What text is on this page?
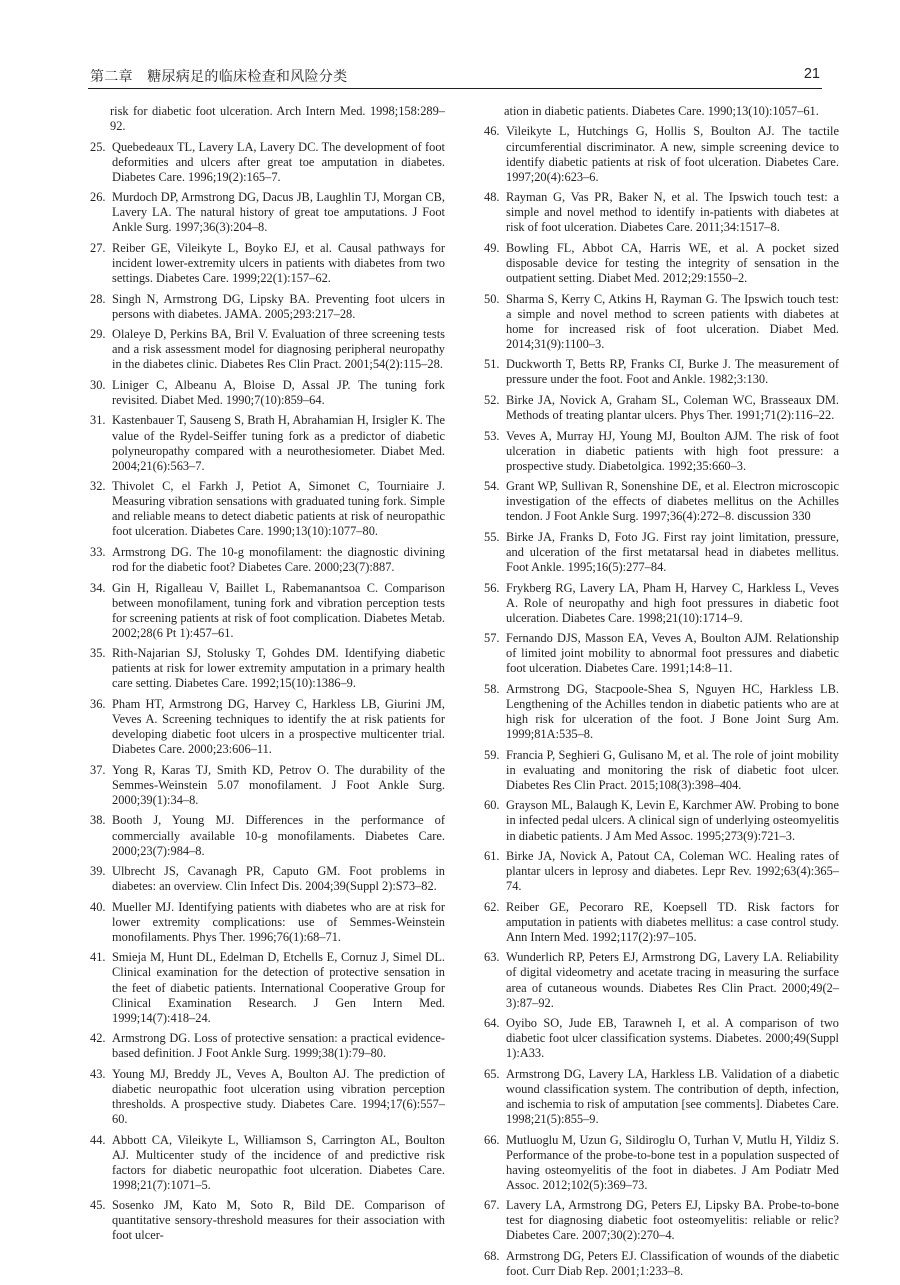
第二章　糖尿病足的临床检查和风险分类	21
risk for diabetic foot ulceration. Arch Intern Med. 1998;158:289–92.
25. Quebedeaux TL, Lavery LA, Lavery DC. The development of foot deformities and ulcers after great toe amputation in diabetes. Diabetes Care. 1996;19(2):165–7.
26. Murdoch DP, Armstrong DG, Dacus JB, Laughlin TJ, Morgan CB, Lavery LA. The natural history of great toe amputations. J Foot Ankle Surg. 1997;36(3):204–8.
27. Reiber GE, Vileikyte L, Boyko EJ, et al. Causal pathways for incident lower-extremity ulcers in patients with diabetes from two settings. Diabetes Care. 1999;22(1):157–62.
28. Singh N, Armstrong DG, Lipsky BA. Preventing foot ulcers in persons with diabetes. JAMA. 2005;293:217–28.
29. Olaleye D, Perkins BA, Bril V. Evaluation of three screening tests and a risk assessment model for diagnosing peripheral neuropathy in the diabetes clinic. Diabetes Res Clin Pract. 2001;54(2):115–28.
30. Liniger C, Albeanu A, Bloise D, Assal JP. The tuning fork revisited. Diabet Med. 1990;7(10):859–64.
31. Kastenbauer T, Sauseng S, Brath H, Abrahamian H, Irsigler K. The value of the Rydel-Seiffer tuning fork as a predictor of diabetic polyneuropathy compared with a neurothesiometer. Diabet Med. 2004;21(6):563–7.
32. Thivolet C, el Farkh J, Petiot A, Simonet C, Tourniaire J. Measuring vibration sensations with graduated tuning fork. Simple and reliable means to detect diabetic patients at risk of neuropathic foot ulceration. Diabetes Care. 1990;13(10):1077–80.
33. Armstrong DG. The 10-g monofilament: the diagnostic divining rod for the diabetic foot? Diabetes Care. 2000;23(7):887.
34. Gin H, Rigalleau V, Baillet L, Rabemanantsoa C. Comparison between monofilament, tuning fork and vibration perception tests for screening patients at risk of foot complication. Diabetes Metab. 2002;28(6 Pt 1):457–61.
35. Rith-Najarian SJ, Stolusky T, Gohdes DM. Identifying diabetic patients at risk for lower extremity amputation in a primary health care setting. Diabetes Care. 1992;15(10):1386–9.
36. Pham HT, Armstrong DG, Harvey C, Harkless LB, Giurini JM, Veves A. Screening techniques to identify the at risk patients for developing diabetic foot ulcers in a prospective multicenter trial. Diabetes Care. 2000;23:606–11.
37. Yong R, Karas TJ, Smith KD, Petrov O. The durability of the Semmes-Weinstein 5.07 monofilament. J Foot Ankle Surg. 2000;39(1):34–8.
38. Booth J, Young MJ. Differences in the performance of commercially available 10-g monofilaments. Diabetes Care. 2000;23(7):984–8.
39. Ulbrecht JS, Cavanagh PR, Caputo GM. Foot problems in diabetes: an overview. Clin Infect Dis. 2004;39(Suppl 2):S73–82.
40. Mueller MJ. Identifying patients with diabetes who are at risk for lower extremity complications: use of Semmes-Weinstein monofilaments. Phys Ther. 1996;76(1):68–71.
41. Smieja M, Hunt DL, Edelman D, Etchells E, Cornuz J, Simel DL. Clinical examination for the detection of protective sensation in the feet of diabetic patients. International Cooperative Group for Clinical Examination Research. J Gen Intern Med. 1999;14(7):418–24.
42. Armstrong DG. Loss of protective sensation: a practical evidence-based definition. J Foot Ankle Surg. 1999;38(1):79–80.
43. Young MJ, Breddy JL, Veves A, Boulton AJ. The prediction of diabetic neuropathic foot ulceration using vibration perception thresholds. A prospective study. Diabetes Care. 1994;17(6):557–60.
44. Abbott CA, Vileikyte L, Williamson S, Carrington AL, Boulton AJ. Multicenter study of the incidence of and predictive risk factors for diabetic neuropathic foot ulceration. Diabetes Care. 1998;21(7):1071–5.
45. Sosenko JM, Kato M, Soto R, Bild DE. Comparison of quantitative sensory-threshold measures for their association with foot ulcer-
ation in diabetic patients. Diabetes Care. 1990;13(10):1057–61.
46. Vileikyte L, Hutchings G, Hollis S, Boulton AJ. The tactile circumferential discriminator. A new, simple screening device to identify diabetic patients at risk of foot ulceration. Diabetes Care. 1997;20(4):623–6.
48. Rayman G, Vas PR, Baker N, et al. The Ipswich touch test: a simple and novel method to identify in-patients with diabetes at risk of foot ulceration. Diabetes Care. 2011;34:1517–8.
49. Bowling FL, Abbot CA, Harris WE, et al. A pocket sized disposable device for testing the integrity of sensation in the outpatient setting. Diabet Med. 2012;29:1550–2.
50. Sharma S, Kerry C, Atkins H, Rayman G. The Ipswich touch test: a simple and novel method to screen patients with diabetes at home for increased risk of foot ulceration. Diabet Med. 2014;31(9):1100–3.
51. Duckworth T, Betts RP, Franks CI, Burke J. The measurement of pressure under the foot. Foot and Ankle. 1982;3:130.
52. Birke JA, Novick A, Graham SL, Coleman WC, Brasseaux DM. Methods of treating plantar ulcers. Phys Ther. 1991;71(2):116–22.
53. Veves A, Murray HJ, Young MJ, Boulton AJM. The risk of foot ulceration in diabetic patients with high foot pressure: a prospective study. Diabetolgica. 1992;35:660–3.
54. Grant WP, Sullivan R, Sonenshine DE, et al. Electron microscopic investigation of the effects of diabetes mellitus on the Achilles tendon. J Foot Ankle Surg. 1997;36(4):272–8. discussion 330
55. Birke JA, Franks D, Foto JG. First ray joint limitation, pressure, and ulceration of the first metatarsal head in diabetes mellitus. Foot Ankle. 1995;16(5):277–84.
56. Frykberg RG, Lavery LA, Pham H, Harvey C, Harkless L, Veves A. Role of neuropathy and high foot pressures in diabetic foot ulceration. Diabetes Care. 1998;21(10):1714–9.
57. Fernando DJS, Masson EA, Veves A, Boulton AJM. Relationship of limited joint mobility to abnormal foot pressures and diabetic foot ulceration. Diabetes Care. 1991;14:8–11.
58. Armstrong DG, Stacpoole-Shea S, Nguyen HC, Harkless LB. Lengthening of the Achilles tendon in diabetic patients who are at high risk for ulceration of the foot. J Bone Joint Surg Am. 1999;81A:535–8.
59. Francia P, Seghieri G, Gulisano M, et al. The role of joint mobility in evaluating and monitoring the risk of diabetic foot ulcer. Diabetes Res Clin Pract. 2015;108(3):398–404.
60. Grayson ML, Balaugh K, Levin E, Karchmer AW. Probing to bone in infected pedal ulcers. A clinical sign of underlying osteomyelitis in diabetic patients. J Am Med Assoc. 1995;273(9):721–3.
61. Birke JA, Novick A, Patout CA, Coleman WC. Healing rates of plantar ulcers in leprosy and diabetes. Lepr Rev. 1992;63(4):365–74.
62. Reiber GE, Pecoraro RE, Koepsell TD. Risk factors for amputation in patients with diabetes mellitus: a case control study. Ann Intern Med. 1992;117(2):97–105.
63. Wunderlich RP, Peters EJ, Armstrong DG, Lavery LA. Reliability of digital videometry and acetate tracing in measuring the surface area of cutaneous wounds. Diabetes Res Clin Pract. 2000;49(2–3):87–92.
64. Oyibo SO, Jude EB, Tarawneh I, et al. A comparison of two diabetic foot ulcer classification systems. Diabetes. 2000;49(Suppl 1):A33.
65. Armstrong DG, Lavery LA, Harkless LB. Validation of a diabetic wound classification system. The contribution of depth, infection, and ischemia to risk of amputation [see comments]. Diabetes Care. 1998;21(5):855–9.
66. Mutluoglu M, Uzun G, Sildiroglu O, Turhan V, Mutlu H, Yildiz S. Performance of the probe-to-bone test in a population suspected of having osteomyelitis of the foot in diabetes. J Am Podiatr Med Assoc. 2012;102(5):369–73.
67. Lavery LA, Armstrong DG, Peters EJ, Lipsky BA. Probe-to-bone test for diagnosing diabetic foot osteomyelitis: reliable or relic? Diabetes Care. 2007;30(2):270–4.
68. Armstrong DG, Peters EJ. Classification of wounds of the diabetic foot. Curr Diab Rep. 2001;1:233–8.
